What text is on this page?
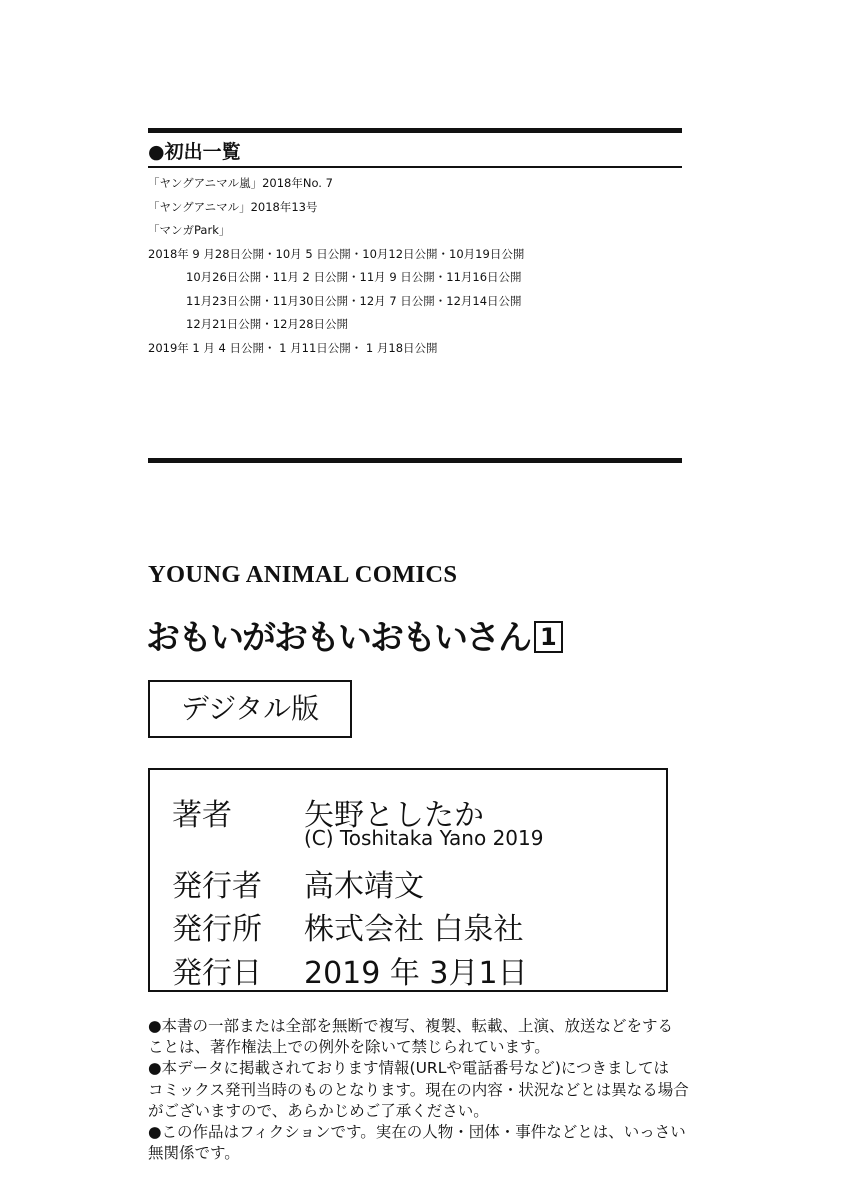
●初出一覧
「ヤングアニマル嵐」2018年No. 7
「ヤングアニマル」2018年13号
「マンガPark」
2018年 9 月28日公開・10月 5 日公開・10月12日公開・10月19日公開
10月26日公開・11月 2 日公開・11月 9 日公開・11月16日公開
11月23日公開・11月30日公開・12月 7 日公開・12月14日公開
12月21日公開・12月28日公開
2019年 1 月 4 日公開・ 1 月11日公開・ 1 月18日公開
YOUNG ANIMAL COMICS
おもいがおもいおもいさん 1
デジタル版
著者 矢野としたか
(C) Toshitaka Yano 2019
発行者 高木靖文
発行所 株式会社 白泉社
発行日 2019 年 3月1日
●本書の一部または全部を無断で複写、複製、転載、上演、放送などをする
ことは、著作権法上での例外を除いて禁じられています。
●本データに掲載されております情報(URLや電話番号など)につきましては
コミックス発刊当時のものとなります。現在の内容・状況などとは異なる場合
がございますので、あらかじめご了承ください。
●この作品はフィクションです。実在の人物・団体・事件などとは、いっさい
無関係です。
